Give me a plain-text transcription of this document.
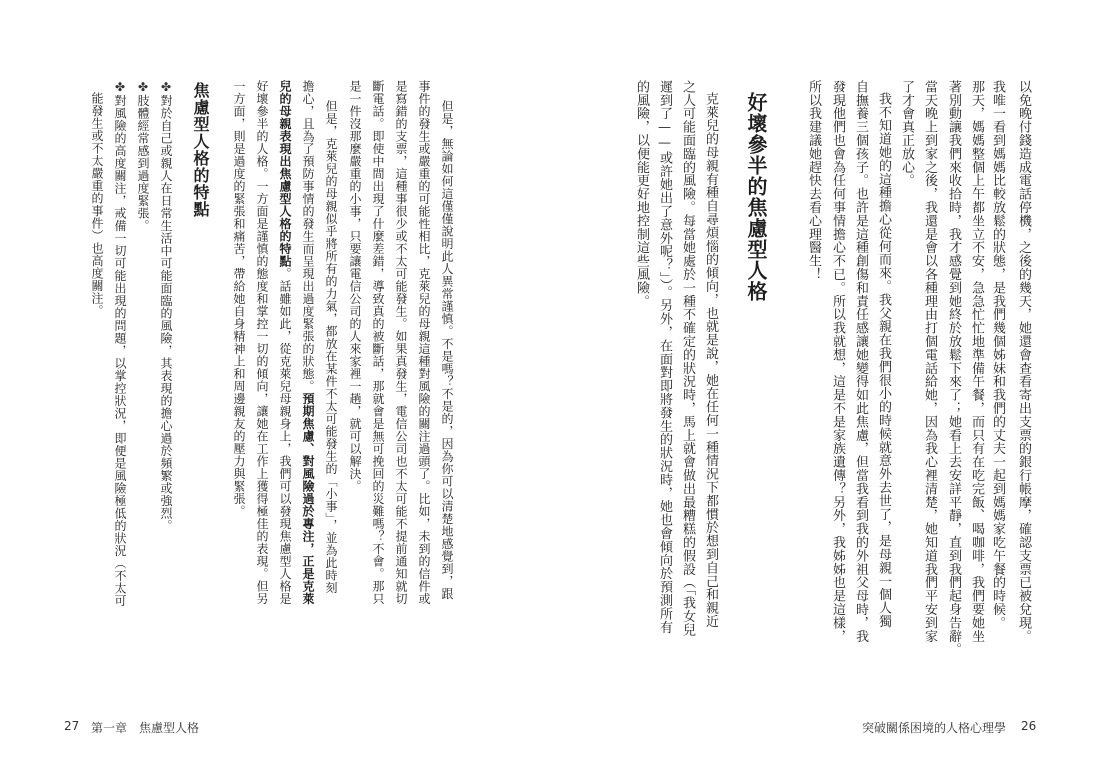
以免晚付錢造成電話停機，之後的幾天，她還會查看寄出支票的銀行帳摩，確認支票已被兌現。
我唯一看到媽媽比較放鬆的狀態，是我們幾個姊妹和我們的丈夫一起到媽媽家吃午餐的時候。
那天，媽媽整個上午都坐立不安，急急忙忙地準備午餐，而只有在吃完飯、喝咖啡，我們要她坐
著別動讓我們來收拾時，我才感覺到她終於放鬆下來了；她看上去安詳平靜，直到我們起身告辭。
當天晚上到家之後，我還是會以各種理由打個電話給她，因為我心裡清楚，她知道我們平安到家
了才會真正放心。
我不知道她的這種擔心從何而來。我父親在我們很小的時候就意外去世了，是母親一個人獨
自撫養三個孩子。也許是這種創傷和責任感讓她變得如此焦慮，但當我看到我的外祖父母時，我
發現他們也會為任何事情擔心不已。所以我就想，這是不是家族遺傳？另外，我姊姊也是這樣，
所以我建議她趕快去看心理醫生！
好壞參半的焦慮型人格
克萊兒的母親有種自尋煩惱的傾向，也就是說，她在任何一種情況下都慣於想到自己和親近
之人可能面臨的風險。每當她處於一種不確定的狀況時，馬上就會做出最糟糕的假設（「我女兒
遲到了——或許她出了意外呢？」）。另外，在面對即將發生的狀況時，她也會傾向於預測所有
的風險，以便能更好地控制這些風險。
突破關係困境的人格心理學 26
但是，無論如何這僅僅說明此人異常謹慎。不是嗎？不是的，因為你可以清楚地感覺到，跟
事件的發生或嚴重的可能性相比，克萊兒的母親這種對風險的關注過頭了。比如，未到的信件或
是寫錯的支票，這種事很少或不太可能發生。如果真發生，電信公司也不太可能不提前通知就切
斷電話。即使中間出現了什麼差錯，導致真的被斷話，那就會是無可挽回的災難嗎？不會。那只
是一件沒那麼嚴重的小事，只要讓電信公司的人來家裡一趟，就可以解決。
但是，克萊兒的母親似乎將所有的力氣，都放在某件不太可能發生的「小事」，並為此時刻
擔心，且為了預防事情的發生而呈現出過度緊張的狀態。預期焦慮、對風險過於專注，正是克萊
兒的母親表現出焦慮型人格的特點。話雖如此，從克萊兒母親身上，我們可以發現焦慮型人格是
好壞參半的人格。一方面是謹慎的態度和掌控一切的傾向，讓她在工作上獲得極佳的表現。但另
一方面，則是過度的緊張和痛苦，帶給她自身精神上和周邊親友的壓力與緊張。
焦慮型人格的特點
✤對於自己或親人在日常生活中可能面臨的風險，其表現的擔心過於頻繁或強烈。
✤肢體經常感到過度緊張。
✤對風險的高度關注，戒備一切可能出現的問題，以掌控狀況，即便是風險極低的狀況（不太可
能發生或不太嚴重的事件）也高度關注。
27 第一章　焦慮型人格
